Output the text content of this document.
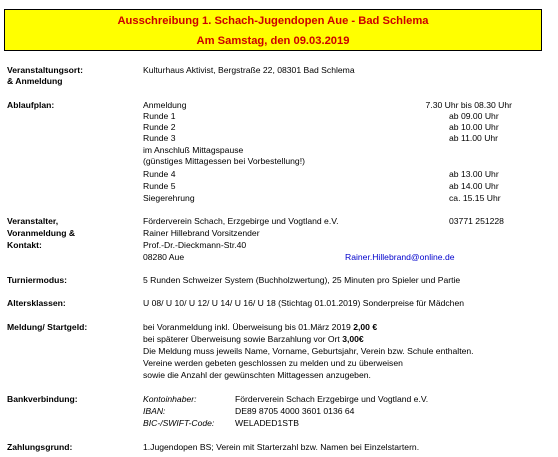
Ausschreibung 1. Schach-Jugendopen Aue - Bad Schlema
Am Samstag, den 09.03.2019
Veranstaltungsort:
& Anmeldung
Kulturhaus Aktivist, Bergstraße 22, 08301 Bad Schlema
Ablaufplan:	Anmeldung	7.30 Uhr bis 08.30 Uhr
Runde 1	ab 09.00 Uhr
Runde 2	ab 10.00 Uhr
Runde 3	ab 11.00 Uhr
im Anschluß Mittagspause
(günstiges Mittagessen bei Vorbestellung!)
Runde 4	ab 13.00 Uhr
Runde 5	ab 14.00 Uhr
Siegerehrung	ca. 15.15 Uhr
Veranstalter,
Voranmeldung &
Kontakt:
Förderverein Schach, Erzgebirge und Vogtland e.V.	03771 251228
Rainer Hillebrand Vorsitzender
Prof.-Dr.-Dieckmann-Str.40
08280 Aue	Rainer.Hillebrand@online.de
Turniermodus:	5 Runden Schweizer System (Buchholzwertung), 25 Minuten pro Spieler und Partie
Altersklassen:	U 08/ U 10/ U 12/ U 14/ U 16/ U 18 (Stichtag 01.01.2019) Sonderpreise für Mädchen
Meldung/ Startgeld:	bei Voranmeldung inkl. Überweisung bis 01.März 2019 2,00 €
bei späterer Überweisung sowie Barzahlung vor Ort 3,00€
Die Meldung muss jeweils Name, Vorname, Geburtsjahr, Verein bzw. Schule enthalten.
Vereine werden gebeten geschlossen zu melden und zu überweisen
sowie die Anzahl der gewünschten Mittagessen anzugeben.
Bankverbindung:	Kontoinhaber:	Förderverein Schach Erzgebirge und Vogtland e.V.
IBAN:	DE89 8705 4000 3601 0136 64
BIC-/SWIFT-Code: WELADED1STB
Zahlungsgrund:	1.Jugendopen BS; Verein mit Starterzahl bzw. Namen bei Einzelstartern.
